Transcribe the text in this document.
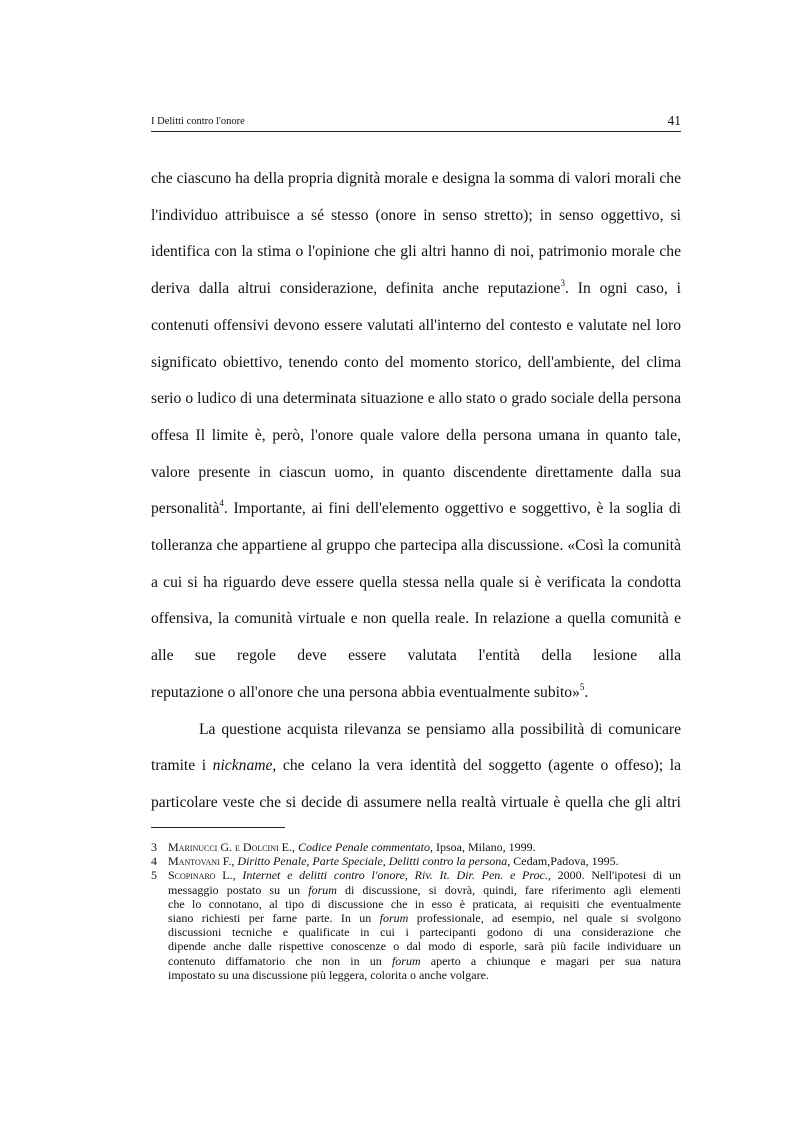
I Delitti contro l'onore	41

che ciascuno ha della propria dignità morale e designa la somma di valori morali che l'individuo attribuisce a sé stesso (onore in senso stretto); in senso oggettivo, si identifica con la stima o l'opinione che gli altri hanno di noi, patrimonio morale che deriva dalla altrui considerazione, definita anche reputazione$^3$. In ogni caso, i contenuti offensivi devono essere valutati all'interno del contesto e valutate nel loro significato obiettivo, tenendo conto del momento storico, dell'ambiente, del clima serio o ludico di una determinata situazione e allo stato o grado sociale della persona offesa Il limite è, però, l'onore quale valore della persona umana in quanto tale, valore presente in ciascun uomo, in quanto discendente direttamente dalla sua personalità$^4$. Importante, ai fini dell'elemento oggettivo e soggettivo, è la soglia di tolleranza che appartiene al gruppo che partecipa alla discussione. «Così la comunità a cui si ha riguardo deve essere quella stessa nella quale si è verificata la condotta offensiva, la comunità virtuale e non quella reale. In relazione a quella comunità e alle sue regole deve essere valutata l'entità della lesione alla

reputazione o all'onore che una persona abbia eventualmente subito»$^5$.

La questione acquista rilevanza se pensiamo alla possibilità di comunicare tramite i nickname, che celano la vera identità del soggetto (agente o offeso); la particolare veste che si decide di assumere nella realtà virtuale è quella che gli altri

3 Marinucci G. e Dolcini E., Codice Penale commentato, Ipsoa, Milano, 1999.
4 Mantovani F., Diritto Penale, Parte Speciale, Delitti contro la persona, Cedam,Padova, 1995.
5 Scopinaro L., Internet e delitti contro l'onore, Riv. It. Dir. Pen. e Proc., 2000. Nell'ipotesi di un
messaggio postato su un forum di discussione, si dovrà, quindi, fare riferimento agli elementi
che lo connotano, al tipo di discussione che in esso è praticata, ai requisiti che eventualmente
siano richiesti per farne parte. In un forum professionale, ad esempio, nel quale si svolgono
discussioni tecniche e qualificate in cui i partecipanti godono di una considerazione che
dipende anche dalle rispettive conoscenze o dal modo di esporle, sarà più facile individuare un
contenuto diffamatorio che non in un forum aperto a chiunque e magari per sua natura
impostato su una discussione più leggera, colorita o anche volgare.
